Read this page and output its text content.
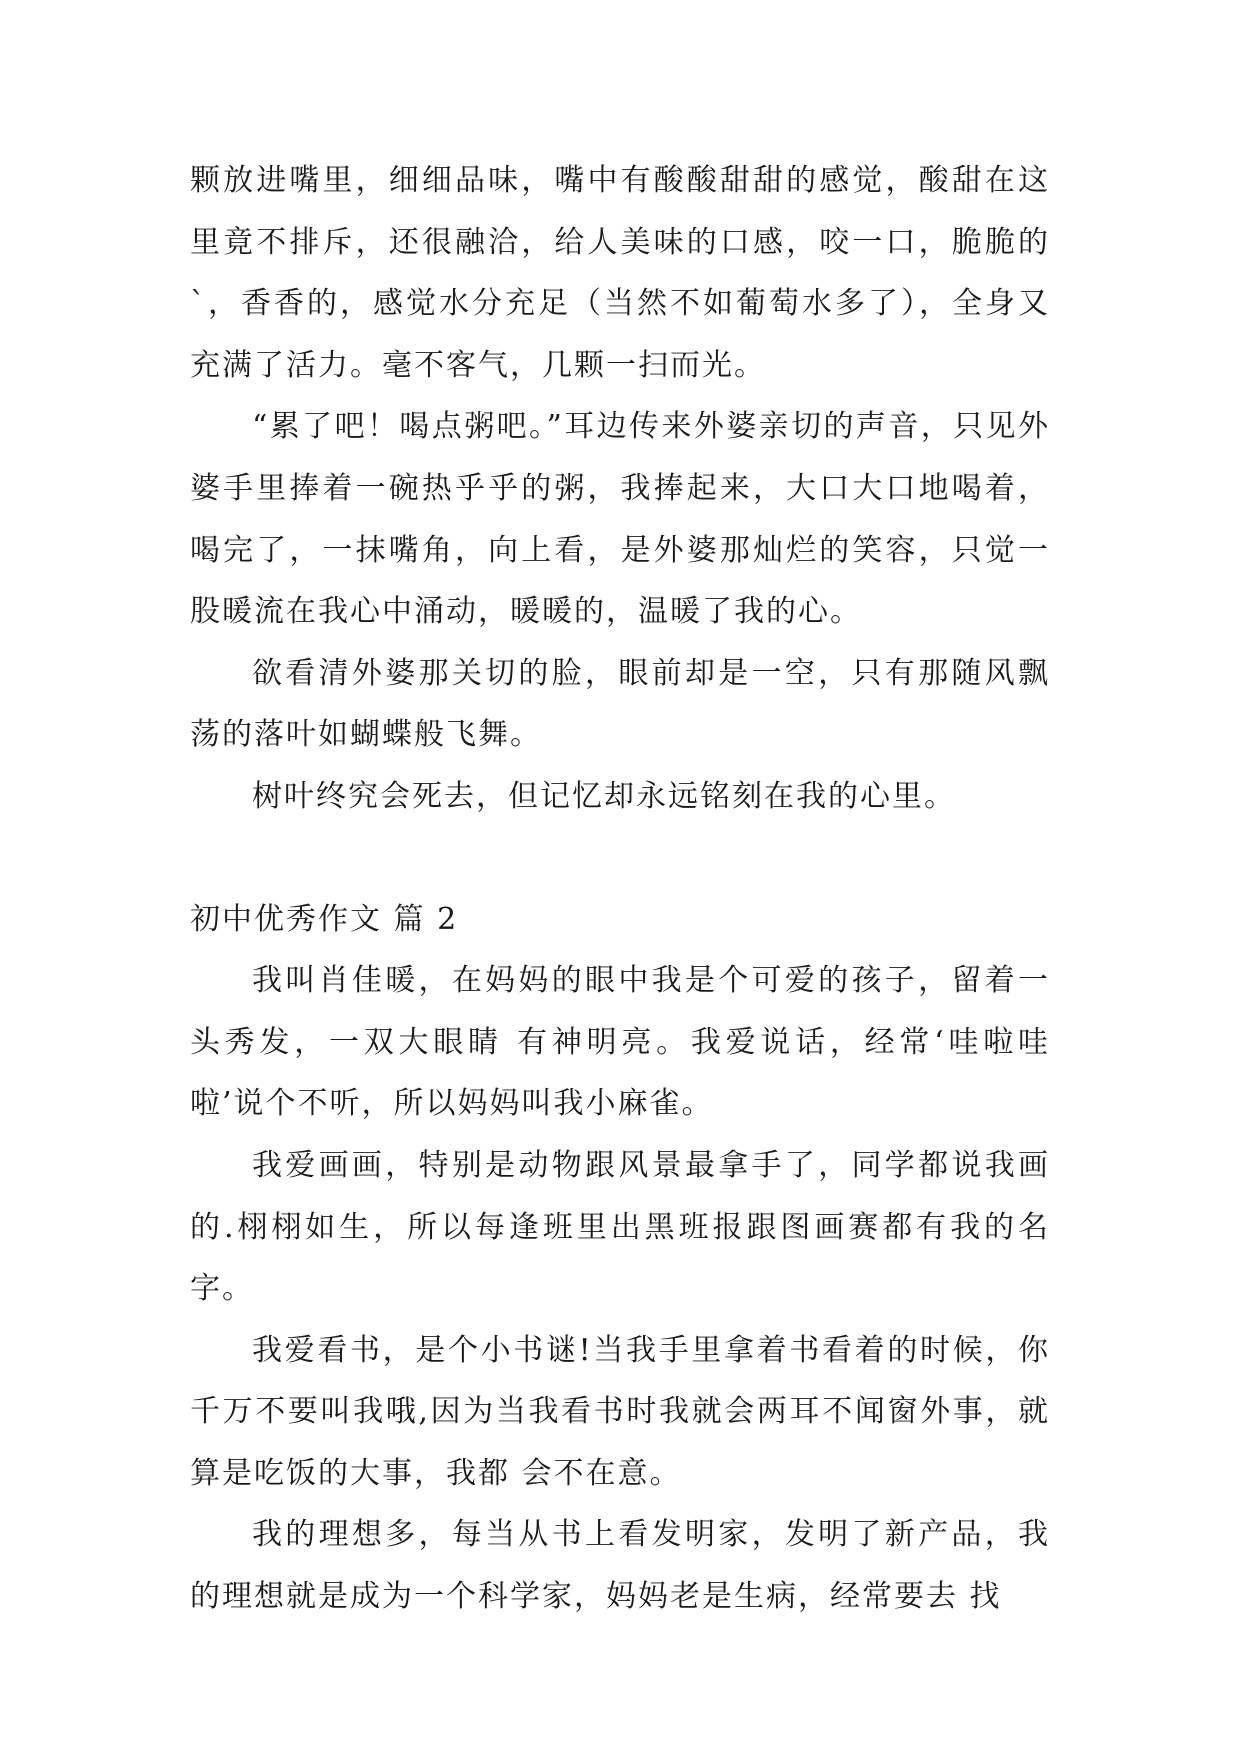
颗放进嘴里，细细品味，嘴中有酸酸甜甜的感觉，酸甜在这里竟不排斥，还很融洽，给人美味的口感，咬一口，脆脆的`，香香的，感觉水分充足（当然不如葡萄水多了），全身又充满了活力。毫不客气，几颗一扫而光。

“累了吧！喝点粥吧。”耳边传来外婆亲切的声音，只见外婆手里捧着一碗热乎乎的粥，我捧起来，大口大口地喝着，喝完了，一抹嘴角，向上看，是外婆那灿烂的笑容，只觉一股暖流在我心中涌动，暖暖的，温暖了我的心。

欲看清外婆那关切的脸，眼前却是一空，只有那随风飘荡的落叶如蝴蝶般飞舞。

树叶终究会死去，但记忆却永远铭刻在我的心里。

初中优秀作文 篇 2

我叫肖佳暖，在妈妈的眼中我是个可爱的孩子，留着一头秀发，一双大眼睛 有神明亮。我爱说话，经常‘哇啦哇啦’说个不听，所以妈妈叫我小麻雀。

我爱画画，特别是动物跟风景最拿手了，同学都说我画的.栩栩如生，所以每逢班里出黑班报跟图画赛都有我的名字。

我爱看书，是个小书谜!当我手里拿着书看着的时候，你千万不要叫我哦,因为当我看书时我就会两耳不闻窗外事，就算是吃饭的大事，我都 会不在意。

我的理想多，每当从书上看发明家，发明了新产品，我的理想就是成为一个科学家，妈妈老是生病，经常要去 找
